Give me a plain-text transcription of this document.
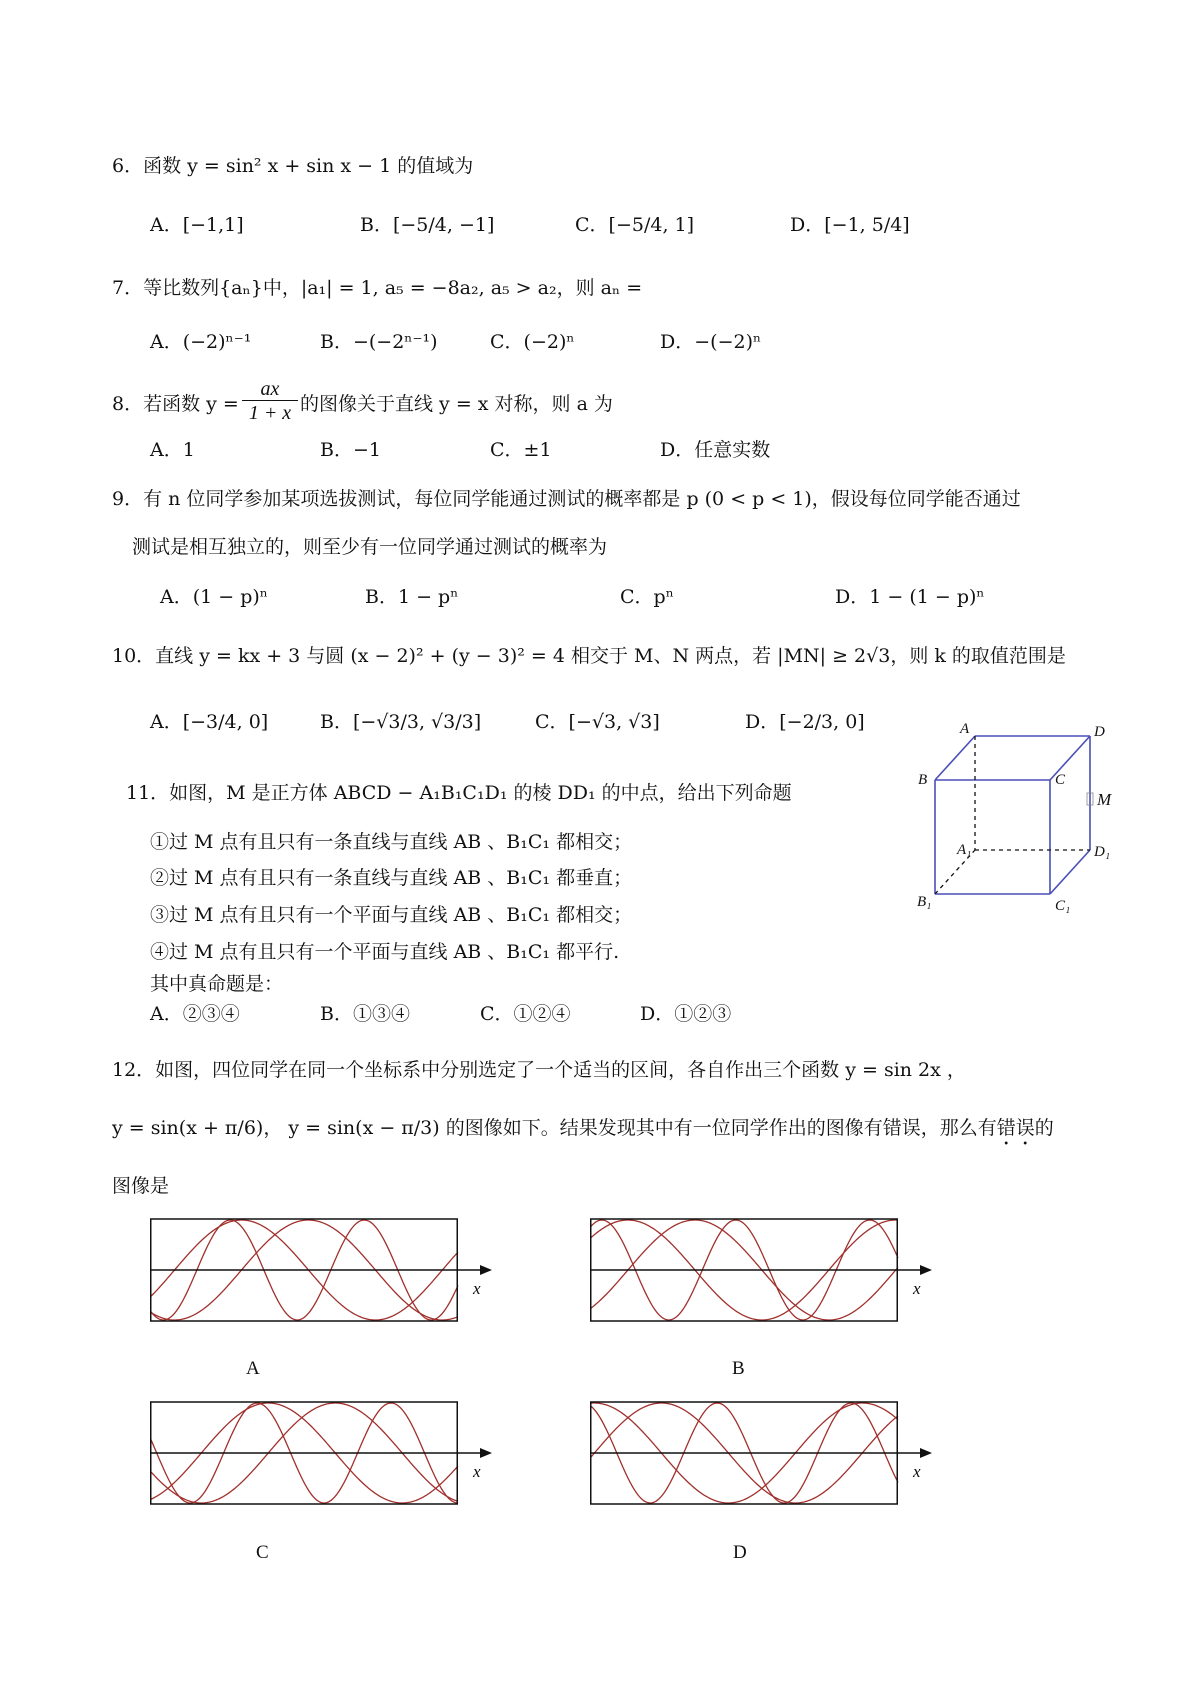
6．函数 y = sin² x + sin x − 1 的值域为
A．[−1,1]	B．[−5/4, −1]	C．[−5/4, 1]	D．[−1, 5/4]
7．等比数列{aₙ}中，|a₁| = 1, a₅ = −8a₂, a₅ > a₂，则 aₙ =
A．(−2)ⁿ⁻¹	B．−(−2ⁿ⁻¹)	C．(−2)ⁿ	D．−(−2)ⁿ
8．若函数 $y = \frac{ax}{1 + x}$ 的图像关于直线 y = x 对称，则 a 为
A．1	B．−1	C．±1	D．任意实数
9．有 n 位同学参加某项选拔测试，每位同学能通过测试的概率都是 p (0 < p < 1)，假设每位同学能否通过
测试是相互独立的，则至少有一位同学通过测试的概率为
A．(1 − p)ⁿ	B．1 − pⁿ	C．pⁿ	D．1 − (1 − p)ⁿ
10．直线 y = kx + 3 与圆 (x − 2)² + (y − 3)² = 4 相交于 M、N 两点，若 |MN| ≥ 2√3，则 k 的取值范围是
A．[−3/4, 0]	B．[−√3/3, √3/3]	C．[−√3, √3]	D．[−2/3, 0]
11．如图，M 是正方体 ABCD − A₁B₁C₁D₁ 的棱 DD₁ 的中点，给出下列命题
①过 M 点有且只有一条直线与直线 AB 、B₁C₁ 都相交；
②过 M 点有且只有一条直线与直线 AB 、B₁C₁ 都垂直；
③过 M 点有且只有一个平面与直线 AB 、B₁C₁ 都相交；
④过 M 点有且只有一个平面与直线 AB 、B₁C₁ 都平行.
其中真命题是：
A．②③④	B．①③④	C．①②④	D．①②③
A
B	C
D
A₁
B₁	C₁
D₁
M
12．如图，四位同学在同一个坐标系中分别选定了一个适当的区间，各自作出三个函数 y = sin 2x ，
y = sin(x + π/6)， y = sin(x − π/3) 的图像如下。结果发现其中有一位同学作出的图像有错误，那么有错误的
图像是
x	x
x	x
A	B
C	D
